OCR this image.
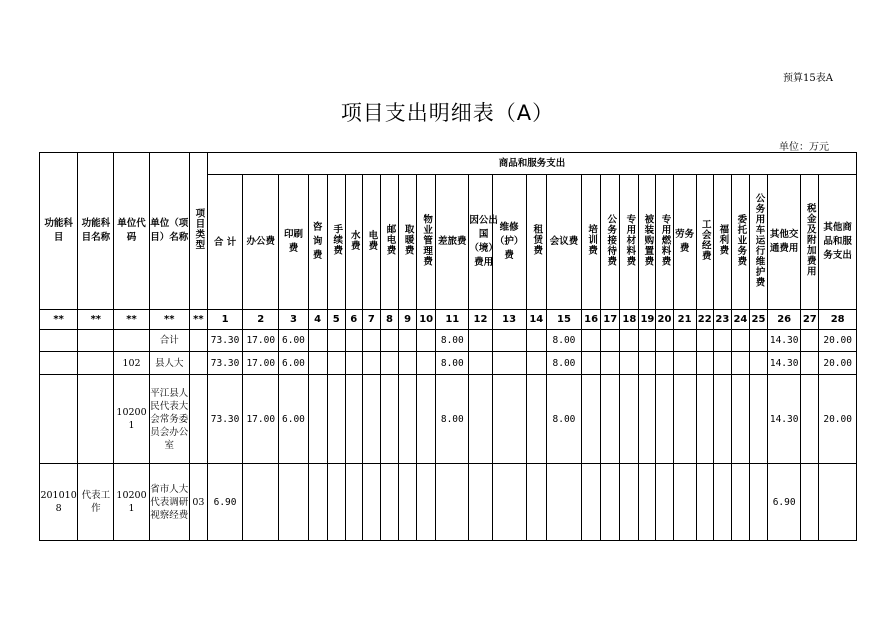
预算15表A
项目支出明细表（A）
单位：万元
功能科目	功能科目名称	单位代码	单位（项目）名称	项目类型	商品和服务支出																											
					合 计	办公费	印刷费	咨询费	手续费	水费	电费	邮电费	取暖费	物业管理费	差旅费	因公出国（境）费用	维修（护）费	租赁费	会议费	培训费	公务接待费	专用材料费	被装购置费	专用燃料费	劳务费	工会经费	福利费	委托业务费	公务用车运行维护费	其他交通费用	税金及附加费用	其他商品和服务支出
**	**	**	**	**	1	2	3	4	5	6	7	8	9	10	11	12	13	14	15	16	17	18	19	20	21	22	23	24	25	26	27	28
			合计		73.30	17.00	6.00								8.00				8.00											14.30		20.00
		102	县人大		73.30	17.00	6.00								8.00				8.00											14.30		20.00
		102001	平江县人民代表大会常务委员会办公室		73.30	17.00	6.00								8.00				8.00											14.30		20.00
2010108	代表工作	102001	省市人大代表调研视察经费	03	6.90																									6.90		
